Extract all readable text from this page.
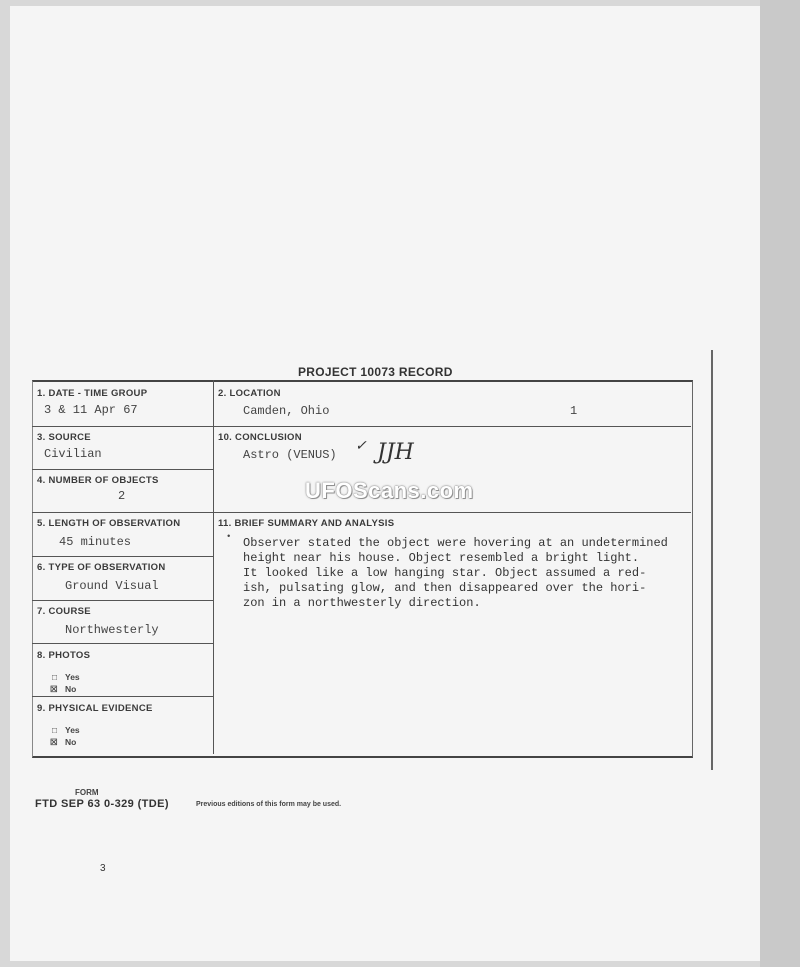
PROJECT 10073 RECORD
1. DATE - TIME GROUP
3 & 11 Apr 67
2. LOCATION
Camden, Ohio	1
3. SOURCE
Civilian
10. CONCLUSION
Astro (VENUS)
✓ JJH
4. NUMBER OF OBJECTS
2
5. LENGTH OF OBSERVATION
45 minutes
11. BRIEF SUMMARY AND ANALYSIS
• Observer stated the object were hovering at an undetermined
height near his house. Object resembled a bright light.
It looked like a low hanging star. Object assumed a red-
ish, pulsating glow, and then disappeared over the hori-
zon in a northwesterly direction.
6. TYPE OF OBSERVATION
Ground Visual
7. COURSE
Northwesterly
8. PHOTOS
□ Yes
☒ No
9. PHYSICAL EVIDENCE
□ Yes
☒ No
FORM
FTD SEP 63 0-329 (TDE)	Previous editions of this form may be used.
3
UFOScans.com
